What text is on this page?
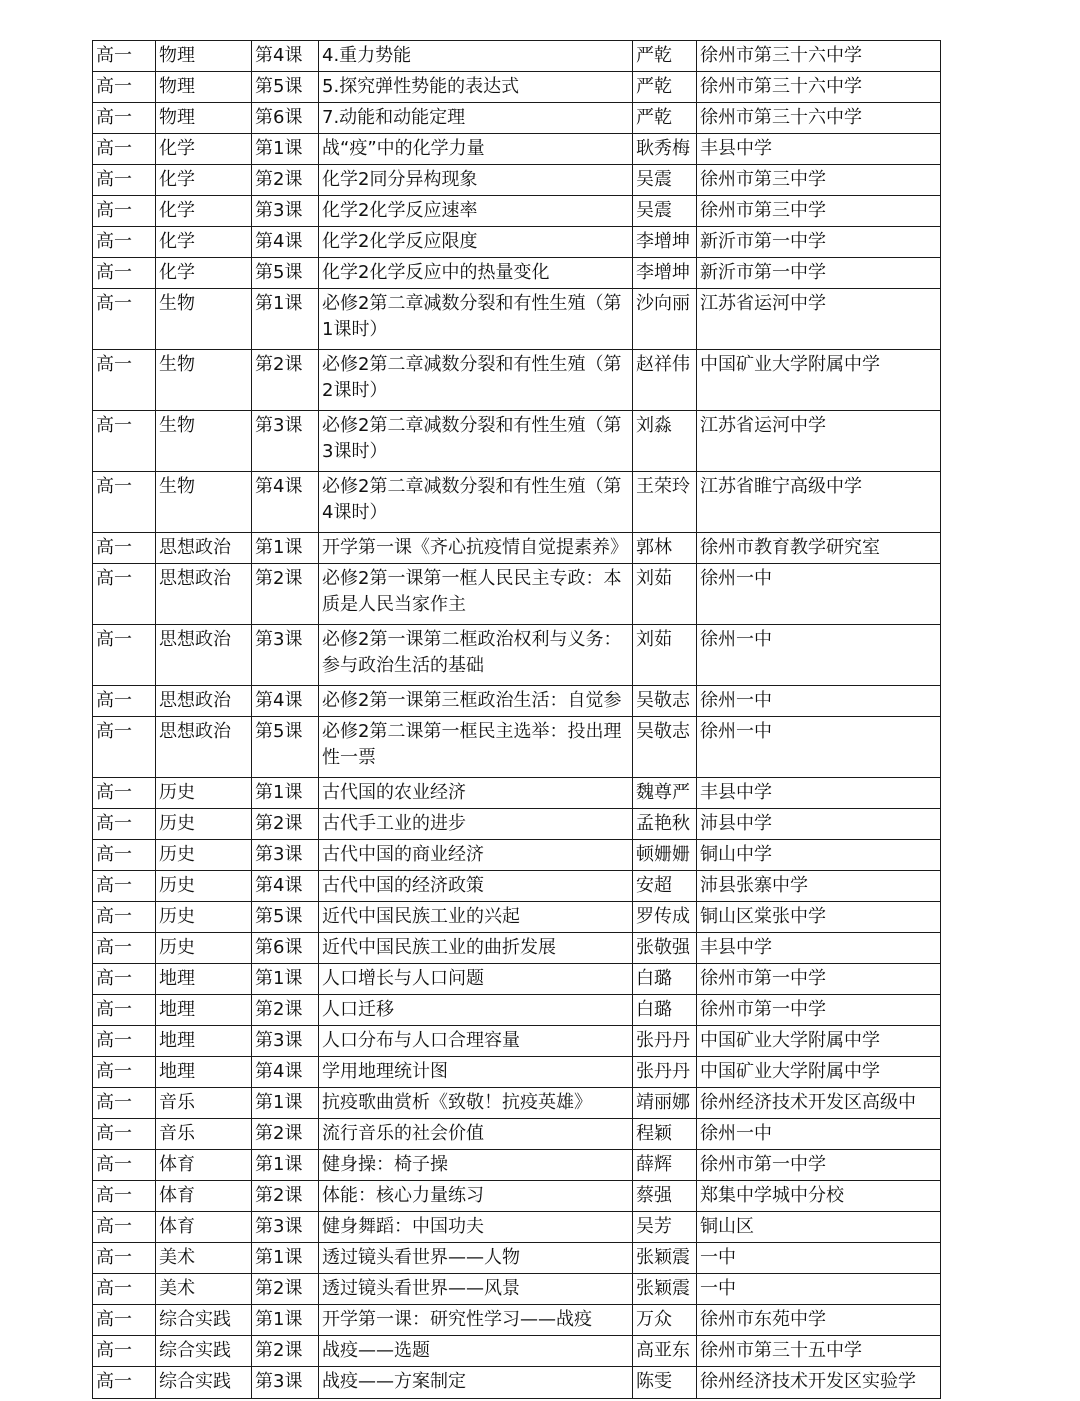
高一	物理	第4课	4.重力势能	严乾	徐州市第三十六中学
高一	物理	第5课	5.探究弹性势能的表达式	严乾	徐州市第三十六中学
高一	物理	第6课	7.动能和动能定理	严乾	徐州市第三十六中学
高一	化学	第1课	战“疫”中的化学力量	耿秀梅	丰县中学
高一	化学	第2课	化学2同分异构现象	吴震	徐州市第三中学
高一	化学	第3课	化学2化学反应速率	吴震	徐州市第三中学
高一	化学	第4课	化学2化学反应限度	李增坤	新沂市第一中学
高一	化学	第5课	化学2化学反应中的热量变化	李增坤	新沂市第一中学
高一	生物	第1课	必修2第二章减数分裂和有性生殖（第1课时）	沙向丽	江苏省运河中学
高一	生物	第2课	必修2第二章减数分裂和有性生殖（第2课时）	赵祥伟	中国矿业大学附属中学
高一	生物	第3课	必修2第二章减数分裂和有性生殖（第3课时）	刘淼	江苏省运河中学
高一	生物	第4课	必修2第二章减数分裂和有性生殖（第4课时）	王荣玲	江苏省睢宁高级中学
高一	思想政治	第1课	开学第一课《齐心抗疫情自觉提素养》	郭林	徐州市教育教学研究室
高一	思想政治	第2课	必修2第一课第一框人民民主专政：本质是人民当家作主	刘茹	徐州一中
高一	思想政治	第3课	必修2第一课第二框政治权利与义务：参与政治生活的基础	刘茹	徐州一中
高一	思想政治	第4课	必修2第一课第三框政治生活：自觉参	吴敬志	徐州一中
高一	思想政治	第5课	必修2第二课第一框民主选举：投出理性一票	吴敬志	徐州一中
高一	历史	第1课	古代国的农业经济	魏尊严	丰县中学
高一	历史	第2课	古代手工业的进步	孟艳秋	沛县中学
高一	历史	第3课	古代中国的商业经济	顿姗姗	铜山中学
高一	历史	第4课	古代中国的经济政策	安超	沛县张寨中学
高一	历史	第5课	近代中国民族工业的兴起	罗传成	铜山区棠张中学
高一	历史	第6课	近代中国民族工业的曲折发展	张敬强	丰县中学
高一	地理	第1课	人口增长与人口问题	白璐	徐州市第一中学
高一	地理	第2课	人口迁移	白璐	徐州市第一中学
高一	地理	第3课	人口分布与人口合理容量	张丹丹	中国矿业大学附属中学
高一	地理	第4课	学用地理统计图	张丹丹	中国矿业大学附属中学
高一	音乐	第1课	抗疫歌曲赏析《致敬！抗疫英雄》	靖丽娜	徐州经济技术开发区高级中
高一	音乐	第2课	流行音乐的社会价值	程颖	徐州一中
高一	体育	第1课	健身操：椅子操	薛辉	徐州市第一中学
高一	体育	第2课	体能：核心力量练习	蔡强	郑集中学城中分校
高一	体育	第3课	健身舞蹈：中国功夫	吴芳	铜山区
高一	美术	第1课	透过镜头看世界——人物	张颖震	一中
高一	美术	第2课	透过镜头看世界——风景	张颖震	一中
高一	综合实践	第1课	开学第一课：研究性学习——战疫	万众	徐州市东苑中学
高一	综合实践	第2课	战疫——选题	高亚东	徐州市第三十五中学
高一	综合实践	第3课	战疫——方案制定	陈雯	徐州经济技术开发区实验学
